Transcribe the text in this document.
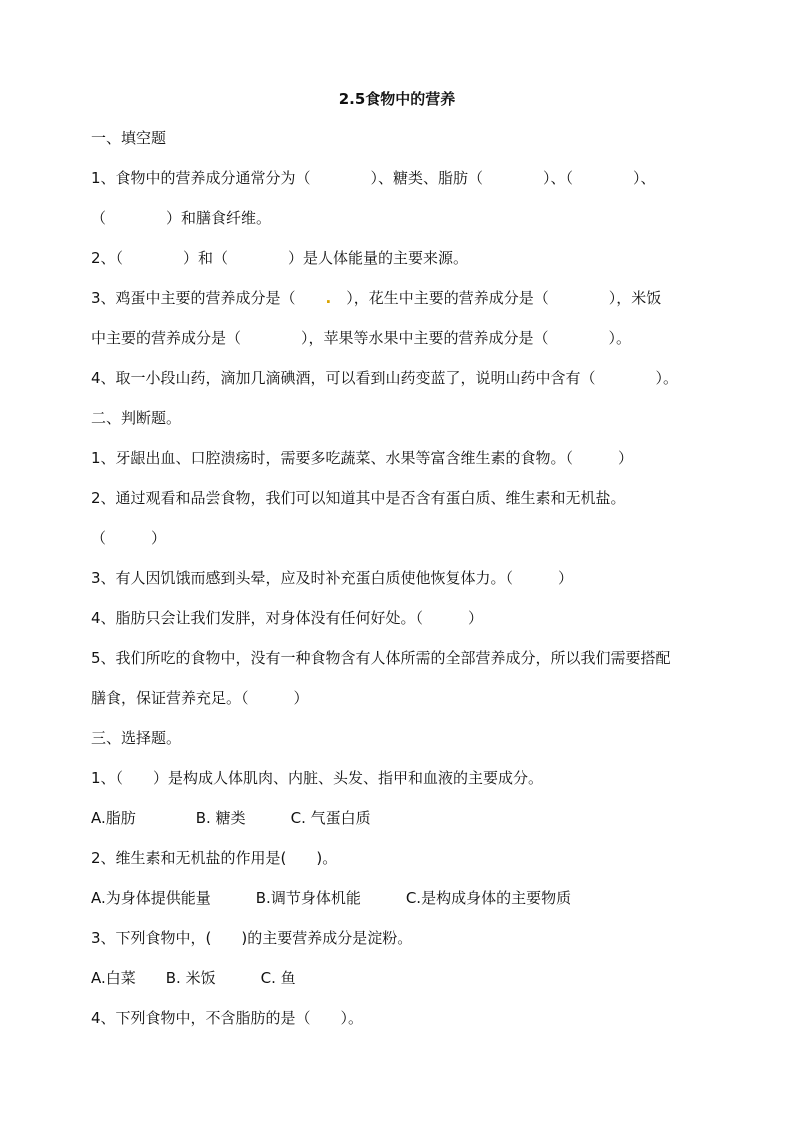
2.5食物中的营养
一、填空题
1、食物中的营养成分通常分为（　　　　）、糖类、脂肪（　　　　）、（　　　　）、
（　　　　）和膳食纤维。
2、（　　　　）和（　　　　）是人体能量的主要来源。
3、鸡蛋中主要的营养成分是（　　.　），花生中主要的营养成分是（　　　　），米饭
中主要的营养成分是（　　　　），苹果等水果中主要的营养成分是（　　　　）。
4、取一小段山药，滴加几滴碘酒，可以看到山药变蓝了，说明山药中含有（　　　　）。
二、判断题。
1、牙龈出血、口腔溃疡时，需要多吃蔬菜、水果等富含维生素的食物。（　　　）
2、通过观看和品尝食物，我们可以知道其中是否含有蛋白质、维生素和无机盐。
（　　　）
3、有人因饥饿而感到头晕，应及时补充蛋白质使他恢复体力。（　　　）
4、脂肪只会让我们发胖，对身体没有任何好处。（　　　）
5、我们所吃的食物中，没有一种食物含有人体所需的全部营养成分，所以我们需要搭配
膳食，保证营养充足。（　　　）
三、选择题。
1、（　　）是构成人体肌肉、内脏、头发、指甲和血液的主要成分。
A.脂肪　　　　B. 糖类　　　C. 气蛋白质
2、维生素和无机盐的作用是(　　)。
A.为身体提供能量　　　B.调节身体机能　　　C.是构成身体的主要物质
3、下列食物中，(　　)的主要营养成分是淀粉。
A.白菜　　B. 米饭　　　C. 鱼
4、下列食物中，不含脂肪的是（　　）。
